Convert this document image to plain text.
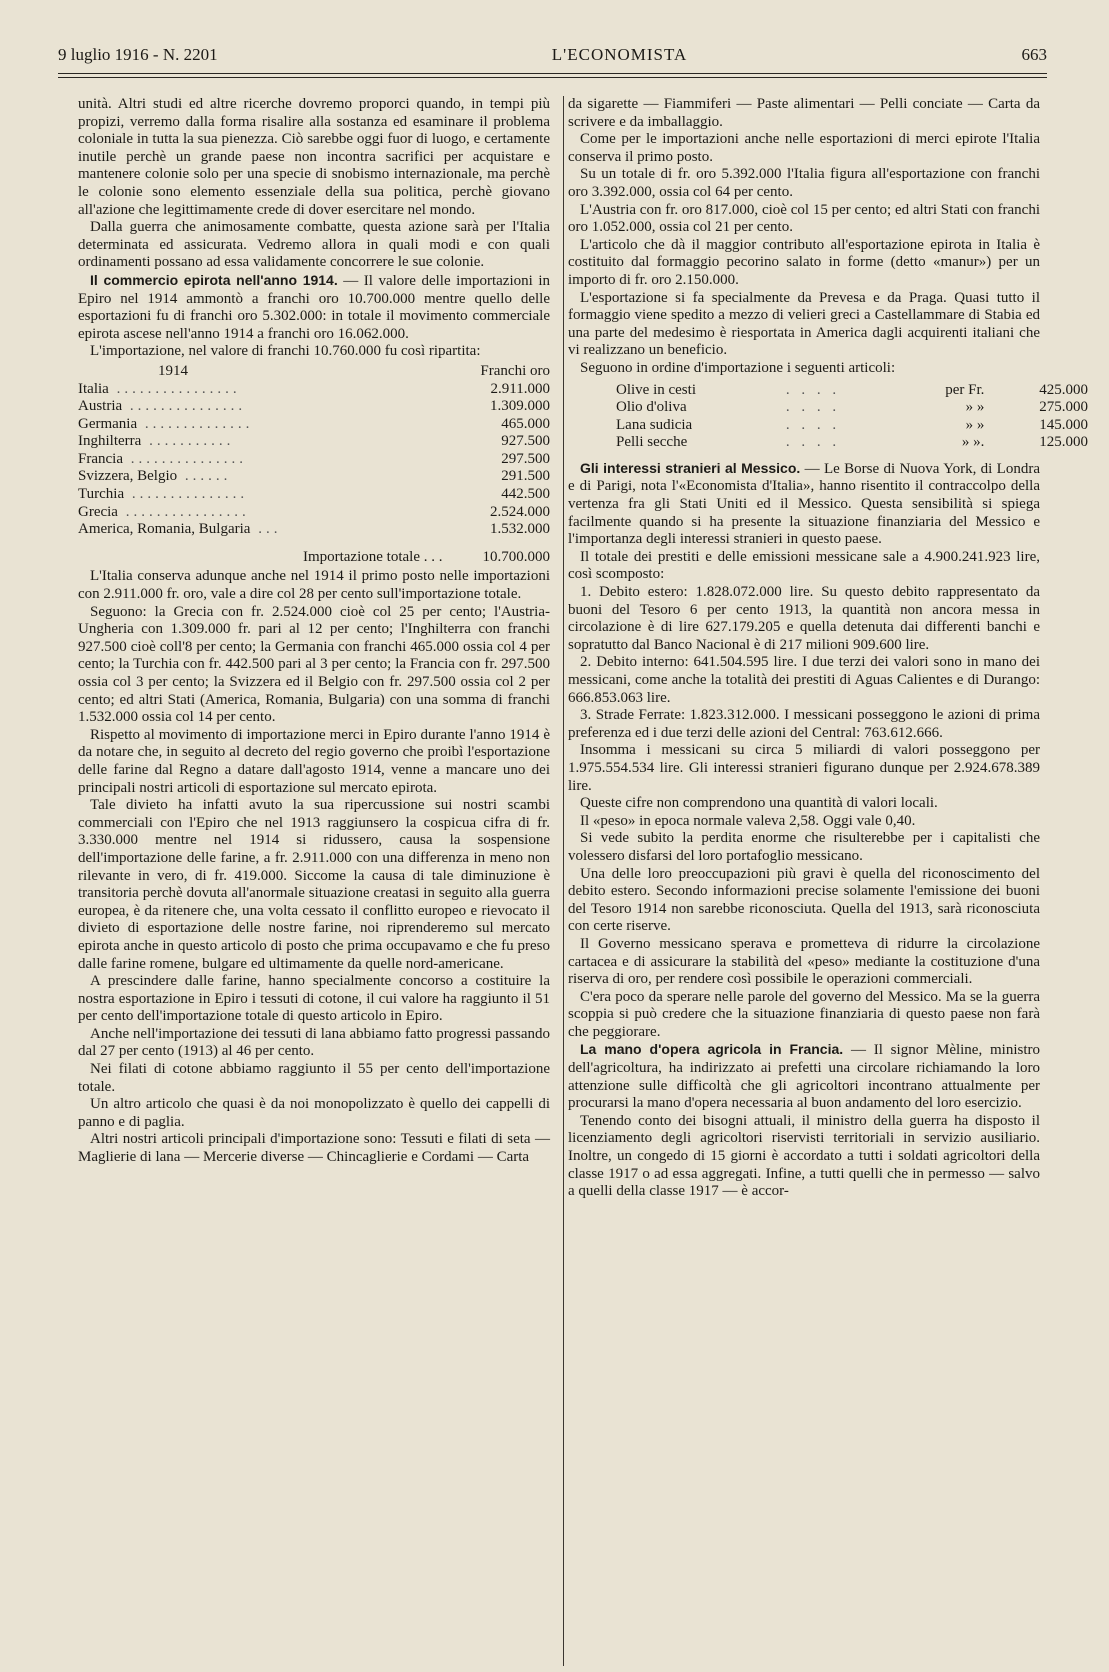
9 luglio 1916 - N. 2201	L'ECONOMISTA	663

unità. Altri studi ed altre ricerche dovremo proporci quando, in tempi più propizi, verremo dalla forma risalire alla sostanza ed esaminare il problema coloniale in tutta la sua pienezza. Ciò sarebbe oggi fuor di luogo, e certamente inutile perchè un grande paese non incontra sacrifici per acquistare e mantenere colonie solo per una specie di snobismo internazionale, ma perchè le colonie sono elemento essenziale della sua politica, perchè giovano all'azione che legittimamente crede di dover esercitare nel mondo.

Dalla guerra che animosamente combatte, questa azione sarà per l'Italia determinata ed assicurata. Vedremo allora in quali modi e con quali ordinamenti possano ad essa validamente concorrere le sue colonie.

Il commercio epirota nell'anno 1914. — Il valore delle importazioni in Epiro nel 1914 ammontò a franchi oro 10.700.000 mentre quello delle esportazioni fu di franchi oro 5.302.000: in totale il movimento commerciale epirota ascese nell'anno 1914 a franchi oro 16.062.000.

L'importazione, nel valore di franchi 10.760.000 fu così ripartita:

1914	Franchi oro
Italia ................	2.911.000
Austria ...............	1.309.000
Germania ..............	465.000
Inghilterra ...........	927.500
Francia ...............	297.500
Svizzera, Belgio ......	291.500
Turchia ...............	442.500
Grecia ................	2.524.000
America, Romania, Bulgaria ...	1.532.000
Importazione totale . . .	10.700.000

L'Italia conserva adunque anche nel 1914 il primo posto nelle importazioni con 2.911.000 fr. oro, vale a dire col 28 per cento sull'importazione totale.

Seguono: la Grecia con fr. 2.524.000 cioè col 25 per cento; l'Austria-Ungheria con 1.309.000 fr. pari al 12 per cento; l'Inghilterra con franchi 927.500 cioè coll'8 per cento; la Germania con franchi 465.000 ossia col 4 per cento; la Turchia con fr. 442.500 pari al 3 per cento; la Francia con fr. 297.500 ossia col 3 per cento; la Svizzera ed il Belgio con fr. 297.500 ossia col 2 per cento; ed altri Stati (America, Romania, Bulgaria) con una somma di franchi 1.532.000 ossia col 14 per cento.

Rispetto al movimento di importazione merci in Epiro durante l'anno 1914 è da notare che, in seguito al decreto del regio governo che proibì l'esportazione delle farine dal Regno a datare dall'agosto 1914, venne a mancare uno dei principali nostri articoli di esportazione sul mercato epirota.

Tale divieto ha infatti avuto la sua ripercussione sui nostri scambi commerciali con l'Epiro che nel 1913 raggiunsero la cospicua cifra di fr. 3.330.000 mentre nel 1914 si ridussero, causa la sospensione dell'importazione delle farine, a fr. 2.911.000 con una differenza in meno non rilevante in vero, di fr. 419.000. Siccome la causa di tale diminuzione è transitoria perchè dovuta all'anormale situazione creatasi in seguito alla guerra europea, è da ritenere che, una volta cessato il conflitto europeo e rievocato il divieto di esportazione delle nostre farine, noi riprenderemo sul mercato epirota anche in questo articolo di posto che prima occupavamo e che fu preso dalle farine romene, bulgare ed ultimamente da quelle nord-americane.

A prescindere dalle farine, hanno specialmente concorso a costituire la nostra esportazione in Epiro i tessuti di cotone, il cui valore ha raggiunto il 51 per cento dell'importazione totale di questo articolo in Epiro.

Anche nell'importazione dei tessuti di lana abbiamo fatto progressi passando dal 27 per cento (1913) al 46 per cento.

Nei filati di cotone abbiamo raggiunto il 55 per cento dell'importazione totale.

Un altro articolo che quasi è da noi monopolizzato è quello dei cappelli di panno e di paglia.

Altri nostri articoli principali d'importazione sono: Tessuti e filati di seta — Maglierie di lana — Mercerie diverse — Chincaglierie e Cordami — Carta

da sigarette — Fiammiferi — Paste alimentari — Pelli conciate — Carta da scrivere e da imballaggio.

Come per le importazioni anche nelle esportazioni di merci epirote l'Italia conserva il primo posto.

Su un totale di fr. oro 5.392.000 l'Italia figura all'esportazione con franchi oro 3.392.000, ossia col 64 per cento.

L'Austria con fr. oro 817.000, cioè col 15 per cento; ed altri Stati con franchi oro 1.052.000, ossia col 21 per cento.

L'articolo che dà il maggior contributo all'esportazione epirota in Italia è costituito dal formaggio pecorino salato in forme (detto «manur») per un importo di fr. oro 2.150.000.

L'esportazione si fa specialmente da Prevesa e da Praga. Quasi tutto il formaggio viene spedito a mezzo di velieri greci a Castellammare di Stabia ed una parte del medesimo è riesportata in America dagli acquirenti italiani che vi realizzano un beneficio.

Seguono in ordine d'importazione i seguenti articoli:

Olive in cesti	. . . .	per Fr.	425.000
Olio d'oliva	. . . .	» »	275.000
Lana sudicia	. . . .	» »	145.000
Pelli secche	. . . .	» ».	125.000

Gli interessi stranieri al Messico. — Le Borse di Nuova York, di Londra e di Parigi, nota l'«Economista d'Italia», hanno risentito il contraccolpo della vertenza fra gli Stati Uniti ed il Messico. Questa sensibilità si spiega facilmente quando si ha presente la situazione finanziaria del Messico e l'importanza degli interessi stranieri in questo paese.

Il totale dei prestiti e delle emissioni messicane sale a 4.900.241.923 lire, così scomposto:

1. Debito estero: 1.828.072.000 lire. Su questo debito rappresentato da buoni del Tesoro 6 per cento 1913, la quantità non ancora messa in circolazione è di lire 627.179.205 e quella detenuta dai differenti banchi e sopratutto dal Banco Nacional è di 217 milioni 909.600 lire.

2. Debito interno: 641.504.595 lire. I due terzi dei valori sono in mano dei messicani, come anche la totalità dei prestiti di Aguas Calientes e di Durango: 666.853.063 lire.

3. Strade Ferrate: 1.823.312.000. I messicani posseggono le azioni di prima preferenza ed i due terzi delle azioni del Central: 763.612.666.

Insomma i messicani su circa 5 miliardi di valori posseggono per 1.975.554.534 lire. Gli interessi stranieri figurano dunque per 2.924.678.389 lire.

Queste cifre non comprendono una quantità di valori locali.

Il «peso» in epoca normale valeva 2,58. Oggi vale 0,40.

Si vede subito la perdita enorme che risulterebbe per i capitalisti che volessero disfarsi del loro portafoglio messicano.

Una delle loro preoccupazioni più gravi è quella del riconoscimento del debito estero. Secondo informazioni precise solamente l'emissione dei buoni del Tesoro 1914 non sarebbe riconosciuta. Quella del 1913, sarà riconosciuta con certe riserve.

Il Governo messicano sperava e prometteva di ridurre la circolazione cartacea e di assicurare la stabilità del «peso» mediante la costituzione d'una riserva di oro, per rendere così possibile le operazioni commerciali.

C'era poco da sperare nelle parole del governo del Messico. Ma se la guerra scoppia si può credere che la situazione finanziaria di questo paese non farà che peggiorare.

La mano d'opera agricola in Francia. — Il signor Mèline, ministro dell'agricoltura, ha indirizzato ai prefetti una circolare richiamando la loro attenzione sulle difficoltà che gli agricoltori incontrano attualmente per procurarsi la mano d'opera necessaria al buon andamento del loro esercizio.

Tenendo conto dei bisogni attuali, il ministro della guerra ha disposto il licenziamento degli agricoltori riservisti territoriali in servizio ausiliario. Inoltre, un congedo di 15 giorni è accordato a tutti i soldati agricoltori della classe 1917 o ad essa aggregati. Infine, a tutti quelli che in permesso — salvo a quelli della classe 1917 — è accor-
